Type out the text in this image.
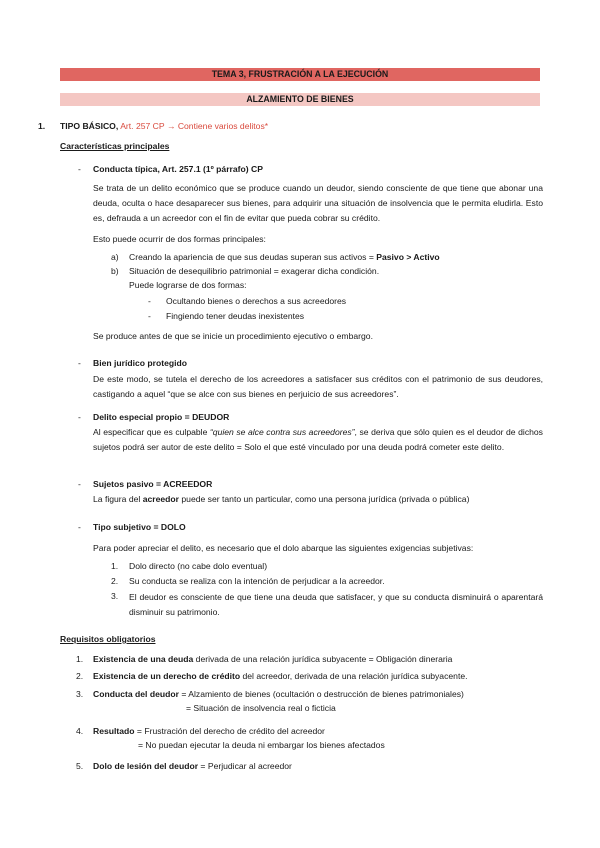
TEMA 3, FRUSTRACIÓN A LA EJECUCIÓN
ALZAMIENTO DE BIENES
1. TIPO BÁSICO, Art. 257 CP → Contiene varios delitos*
Características principales
- Conducta típica, Art. 257.1 (1º párrafo) CP
Se trata de un delito económico que se produce cuando un deudor, siendo consciente de que tiene que abonar una deuda, oculta o hace desaparecer sus bienes, para adquirir una situación de insolvencia que le permita eludirla. Esto es, defrauda a un acreedor con el fin de evitar que pueda cobrar su crédito.
Esto puede ocurrir de dos formas principales:
a) Creando la apariencia de que sus deudas superan sus activos = Pasivo > Activo
b) Situación de desequilibrio patrimonial = exagerar dicha condición.
Puede lograrse de dos formas:
- Ocultando bienes o derechos a sus acreedores
- Fingiendo tener deudas inexistentes
Se produce antes de que se inicie un procedimiento ejecutivo o embargo.
- Bien jurídico protegido
De este modo, se tutela el derecho de los acreedores a satisfacer sus créditos con el patrimonio de sus deudores, castigando a aquel “que se alce con sus bienes en perjuicio de sus acreedores”.
- Delito especial propio = DEUDOR
Al especificar que es culpable “quien se alce contra sus acreedores”, se deriva que sólo quien es el deudor de dichos sujetos podrá ser autor de este delito = Solo el que esté vinculado por una deuda podrá cometer este delito.
- Sujetos pasivo = ACREEDOR
La figura del acreedor puede ser tanto un particular, como una persona jurídica (privada o pública)
- Tipo subjetivo = DOLO
Para poder apreciar el delito, es necesario que el dolo abarque las siguientes exigencias subjetivas:
1. Dolo directo (no cabe dolo eventual)
2. Su conducta se realiza con la intención de perjudicar a la acreedor.
3. El deudor es consciente de que tiene una deuda que satisfacer, y que su conducta disminuirá o aparentará disminuir su patrimonio.
Requisitos obligatorios
1. Existencia de una deuda derivada de una relación jurídica subyacente = Obligación dineraria
2. Existencia de un derecho de crédito del acreedor, derivada de una relación jurídica subyacente.
3. Conducta del deudor = Alzamiento de bienes (ocultación o destrucción de bienes patrimoniales)
= Situación de insolvencia real o ficticia
4. Resultado = Frustración del derecho de crédito del acreedor
= No puedan ejecutar la deuda ni embargar los bienes afectados
5. Dolo de lesión del deudor = Perjudicar al acreedor
